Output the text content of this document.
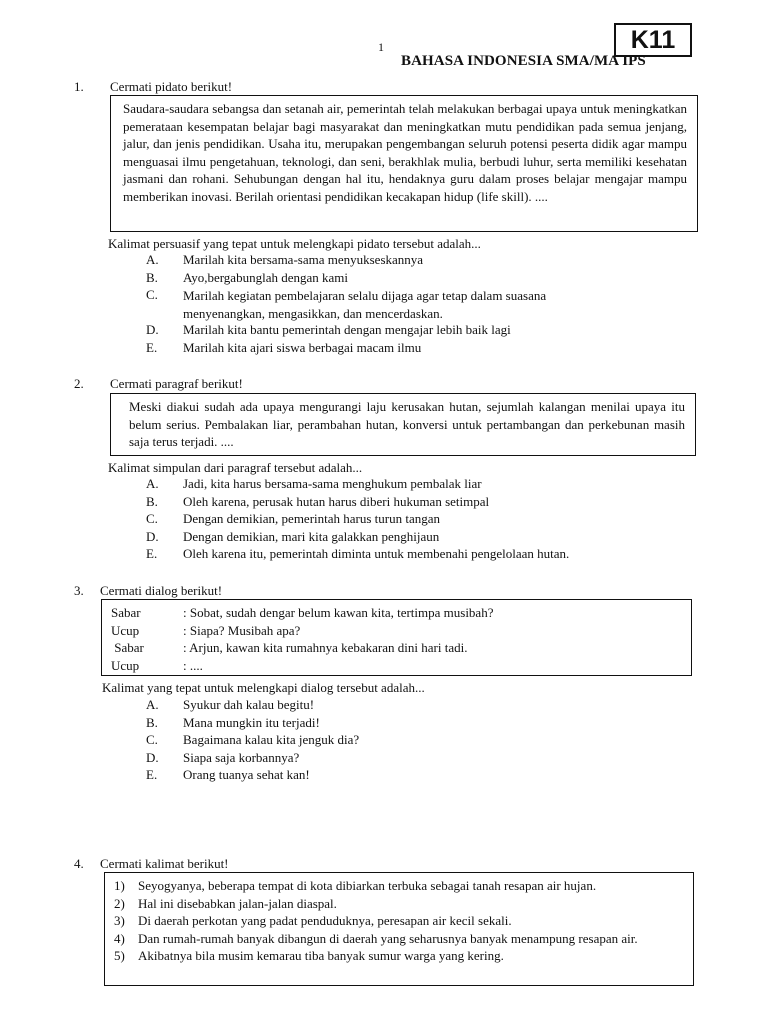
K11
1
BAHASA INDONESIA SMA/MA IPS
1. Cermati pidato berikut!
Saudara-saudara sebangsa dan setanah air, pemerintah telah melakukan berbagai upaya untuk meningkatkan pemerataan kesempatan belajar bagi masyarakat dan meningkatkan mutu pendidikan pada semua jenjang, jalur, dan jenis pendidikan. Usaha itu, merupakan pengembangan seluruh potensi peserta didik agar mampu menguasai ilmu pengetahuan, teknologi, dan seni, berakhlak mulia, berbudi luhur, serta memiliki kesehatan jasmani dan rohani. Sehubungan dengan hal itu, hendaknya guru dalam proses belajar mengajar mampu memberikan inovasi. Berilah orientasi pendidikan kecakapan hidup (life skill). ....
Kalimat persuasif yang tepat untuk melengkapi pidato tersebut adalah...
A. Marilah kita bersama-sama menyukseskannya
B. Ayo,bergabunglah dengan kami
C. Marilah kegiatan pembelajaran selalu dijaga agar tetap dalam suasana menyenangkan, mengasikkan, dan mencerdaskan.
D. Marilah kita bantu pemerintah dengan mengajar lebih baik lagi
E. Marilah kita ajari siswa berbagai macam ilmu
2. Cermati paragraf berikut!
Meski diakui sudah ada upaya mengurangi laju kerusakan hutan, sejumlah kalangan menilai upaya itu belum serius. Pembalakan liar, perambahan hutan, konversi untuk pertambangan dan perkebunan masih saja terus terjadi. ....
Kalimat simpulan dari paragraf tersebut adalah...
A. Jadi, kita harus bersama-sama menghukum pembalak liar
B. Oleh karena, perusak hutan harus diberi hukuman setimpal
C. Dengan demikian, pemerintah harus turun tangan
D. Dengan demikian, mari kita galakkan penghijaun
E. Oleh karena itu, pemerintah diminta untuk membenahi pengelolaan hutan.
3. Cermati dialog berikut!
Sabar	: Sobat, sudah dengar belum kawan kita, tertimpa musibah?
Ucup	: Siapa? Musibah apa?
Sabar	: Arjun, kawan kita rumahnya kebakaran dini hari tadi.
Ucup	: ....
Kalimat yang tepat untuk melengkapi dialog tersebut adalah...
A. Syukur dah kalau begitu!
B. Mana mungkin itu terjadi!
C. Bagaimana kalau kita jenguk dia?
D. Siapa saja korbannya?
E. Orang tuanya sehat kan!
4. Cermati kalimat berikut!
1) Seyogyanya, beberapa tempat di kota dibiarkan terbuka sebagai tanah resapan air hujan.
2) Hal ini disebabkan jalan-jalan diaspal.
3) Di daerah perkotan yang padat penduduknya, peresapan air kecil sekali.
4) Dan rumah-rumah banyak dibangun di daerah yang seharusnya banyak menampung resapan air.
5) Akibatnya bila musim kemarau tiba banyak sumur warga yang kering.
